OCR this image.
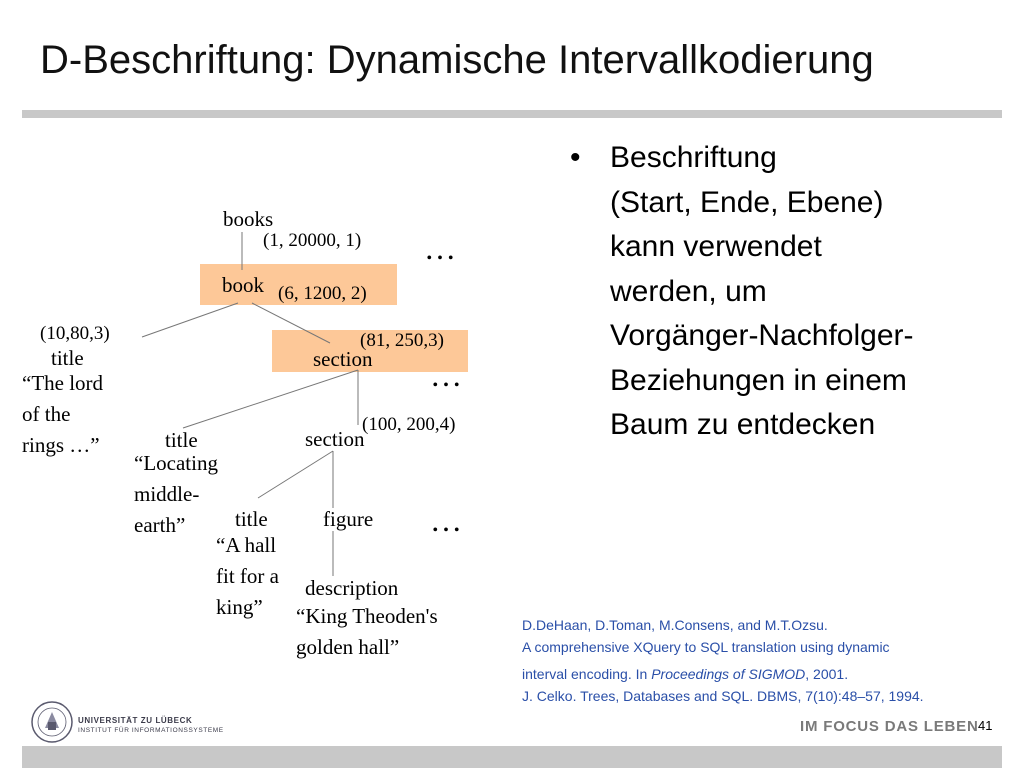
D-Beschriftung: Dynamische Intervallkodierung
• Beschriftung
(Start, Ende, Ebene)
kann verwendet
werden, um
Vorgänger-Nachfolger-
Beziehungen in einem
Baum zu entdecken
books
(1, 20000, 1) …
book (6, 1200, 2)
(10,80,3)
title
“The lord
of the
rings …”
(81, 250,3)
section …
title
“Locating
middle-
earth”
(100, 200,4)
section
title
“A hall
fit for a
king”
figure …
description
“King Theoden's
golden hall”
D.DeHaan, D.Toman, M.Consens, and M.T.Ozsu.
A comprehensive XQuery to SQL translation using dynamic
interval encoding. In Proceedings of SIGMOD, 2001.
J. Celko. Trees, Databases and SQL. DBMS, 7(10):48–57, 1994.
UNIVERSITÄT ZU LÜBECK
INSTITUT FÜR INFORMATIONSSYSTEME	IM FOCUS DAS LEBEN 41
